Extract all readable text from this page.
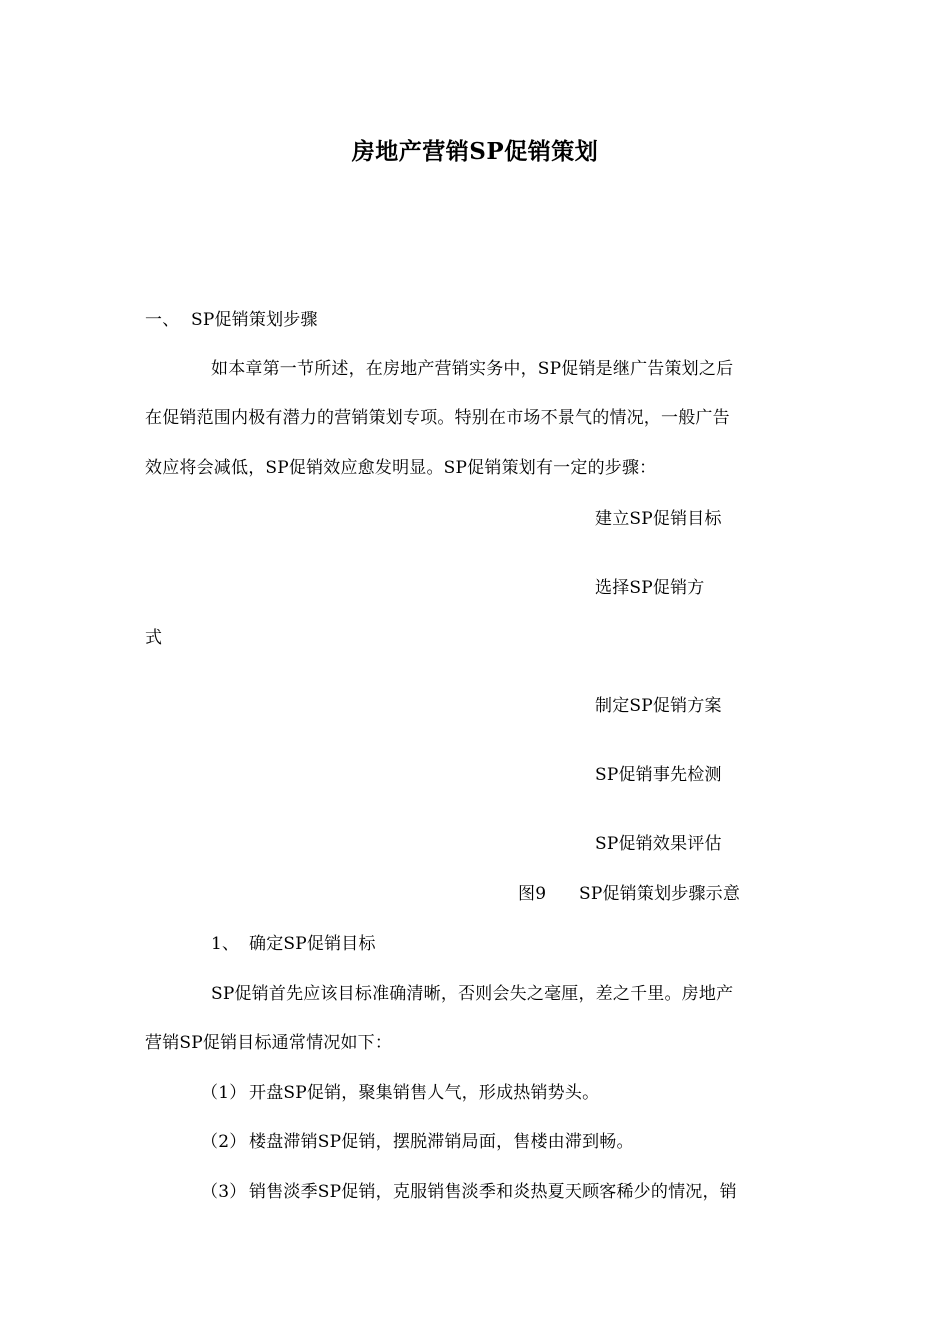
房地产营销SP促销策划
一、 SP促销策划步骤
如本章第一节所述，在房地产营销实务中，SP促销是继广告策划之后
在促销范围内极有潜力的营销策划专项。特别在市场不景气的情况，一般广告
效应将会减低，SP促销效应愈发明显。SP促销策划有一定的步骤：
建立SP促销目标
选择SP促销方
式
制定SP促销方案
SP促销事先检测
SP促销效果评估
图9 SP促销策划步骤示意
1、 确定SP促销目标
SP促销首先应该目标准确清晰，否则会失之毫厘，差之千里。房地产
营销SP促销目标通常情况如下：
（1） 开盘SP促销，聚集销售人气，形成热销势头。
（2） 楼盘滞销SP促销，摆脱滞销局面，售楼由滞到畅。
（3） 销售淡季SP促销，克服销售淡季和炎热夏天顾客稀少的情况，销
